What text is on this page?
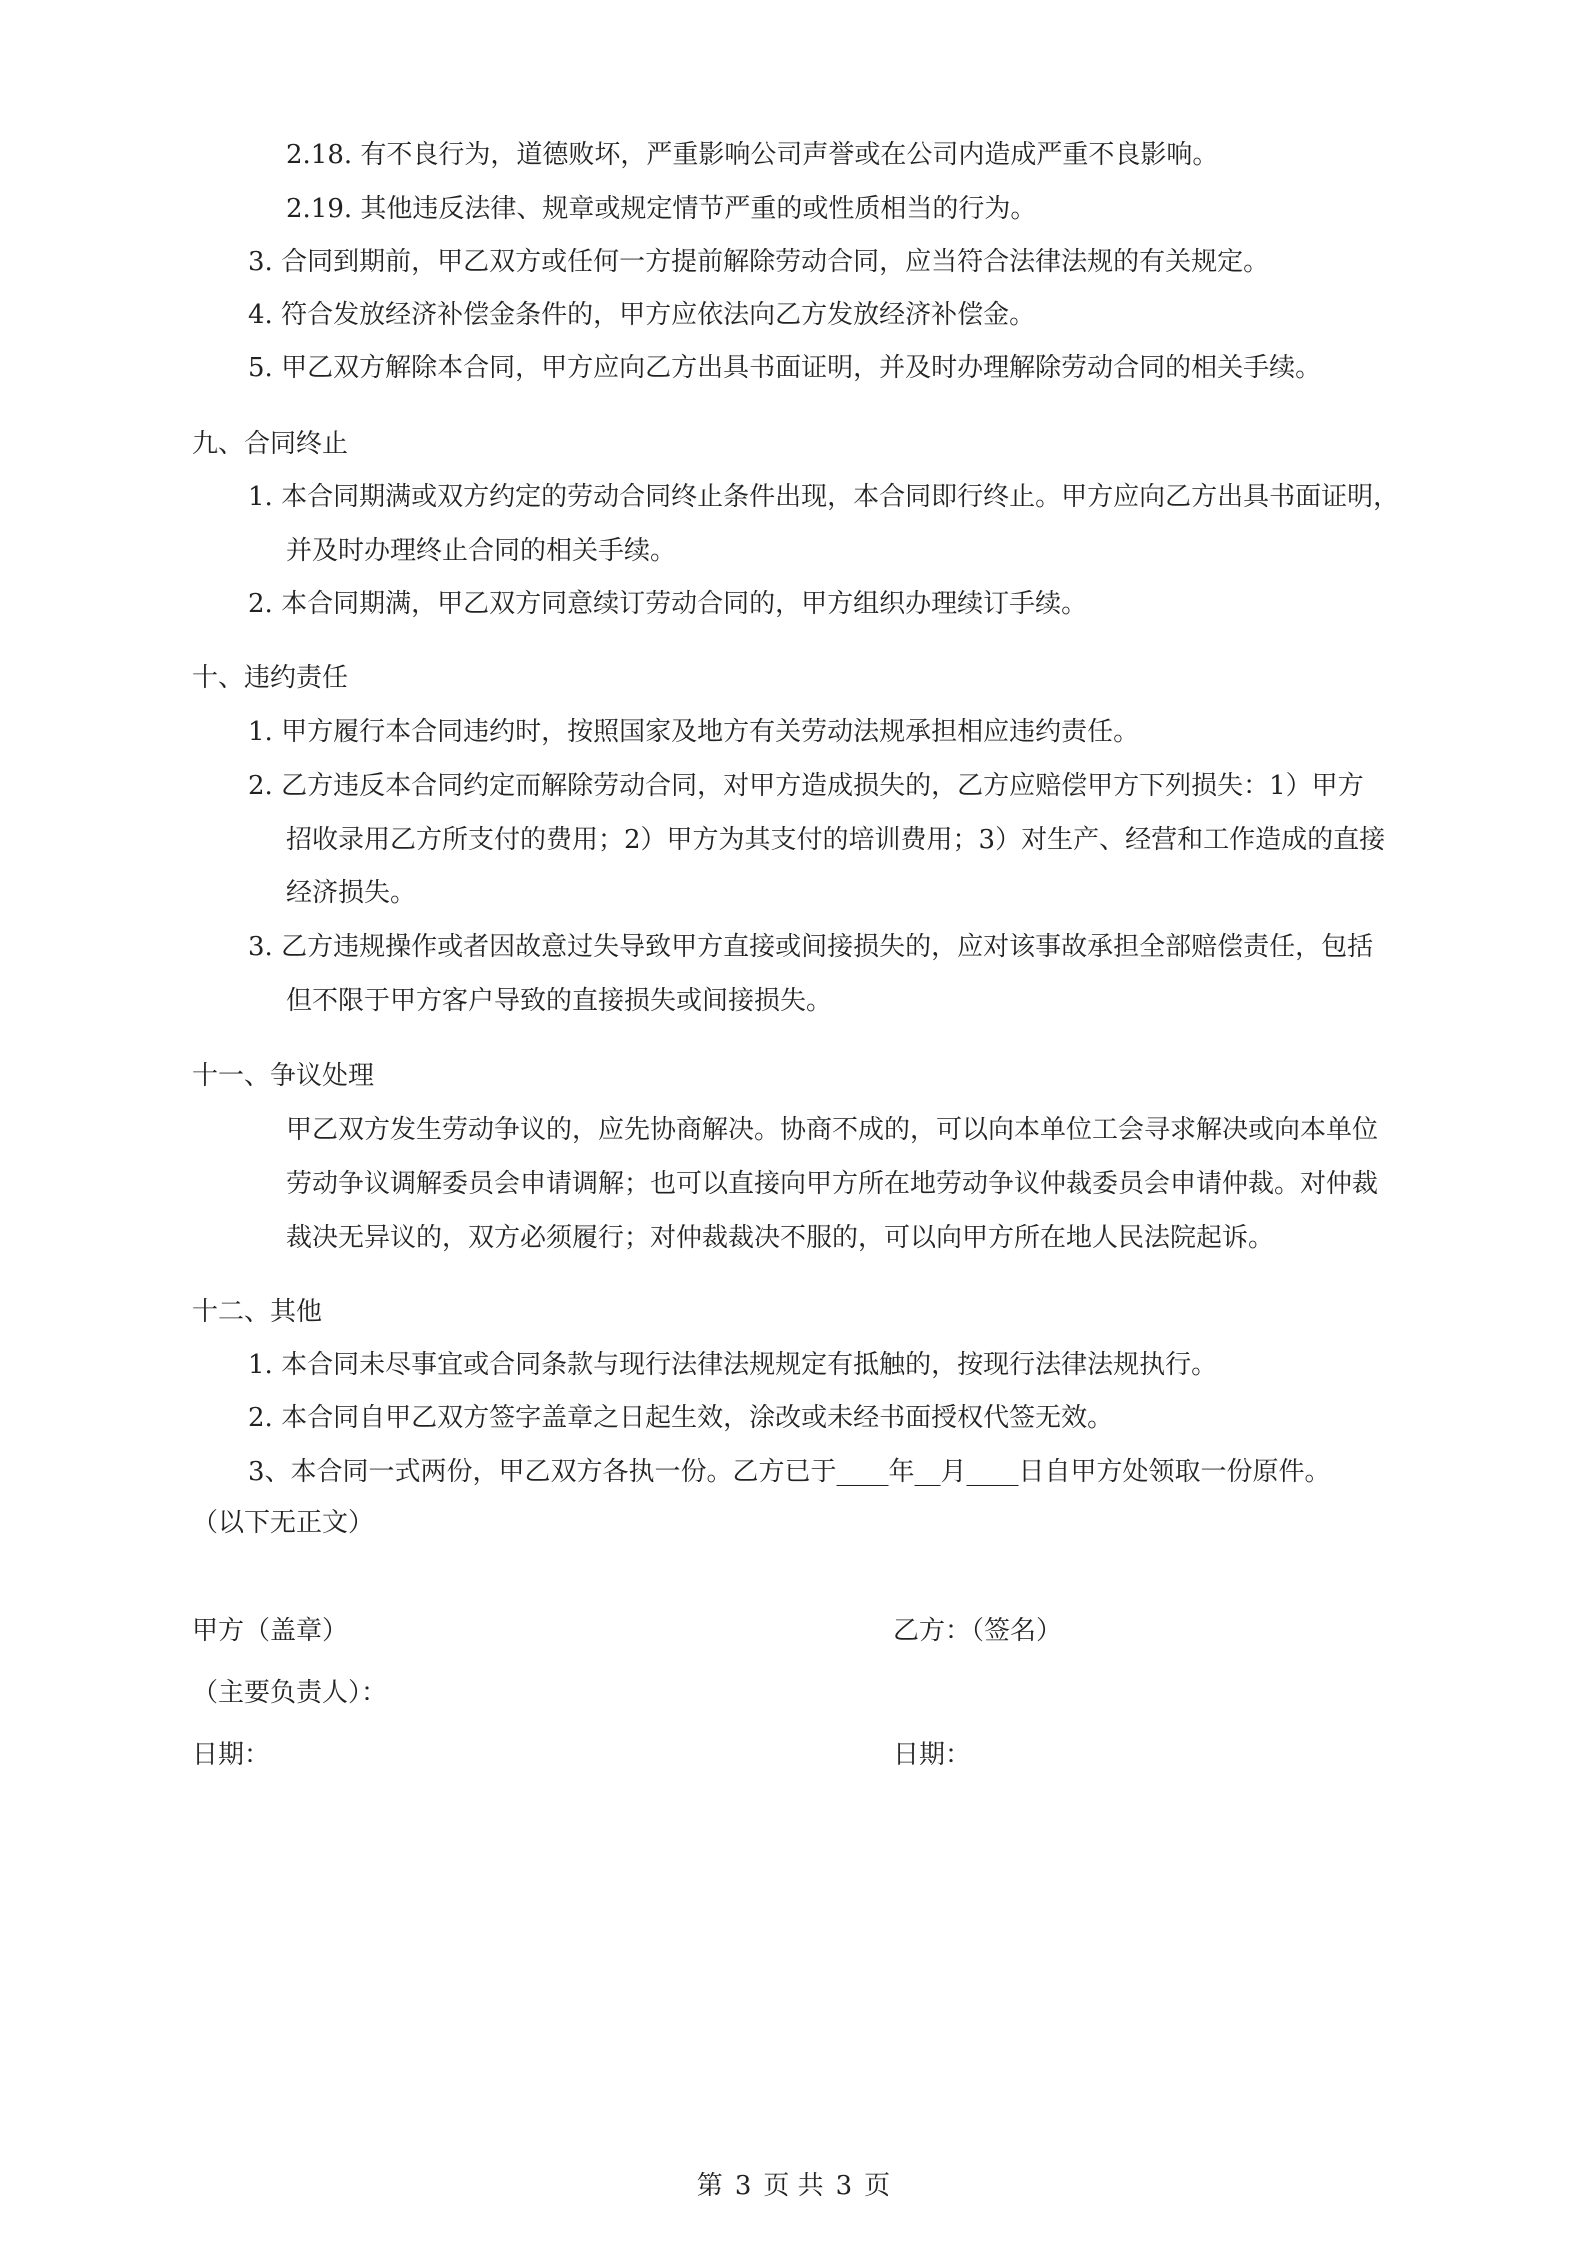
2.18. 有不良行为，道德败坏，严重影响公司声誉或在公司内造成严重不良影响。
2.19. 其他违反法律、规章或规定情节严重的或性质相当的行为。
3. 合同到期前，甲乙双方或任何一方提前解除劳动合同，应当符合法律法规的有关规定。
4. 符合发放经济补偿金条件的，甲方应依法向乙方发放经济补偿金。
5. 甲乙双方解除本合同，甲方应向乙方出具书面证明，并及时办理解除劳动合同的相关手续。
九、合同终止
1. 本合同期满或双方约定的劳动合同终止条件出现，本合同即行终止。甲方应向乙方出具书面证明，
并及时办理终止合同的相关手续。
2. 本合同期满，甲乙双方同意续订劳动合同的，甲方组织办理续订手续。
十、违约责任
1. 甲方履行本合同违约时，按照国家及地方有关劳动法规承担相应违约责任。
2. 乙方违反本合同约定而解除劳动合同，对甲方造成损失的，乙方应赔偿甲方下列损失：1）甲方
招收录用乙方所支付的费用；2）甲方为其支付的培训费用；3）对生产、经营和工作造成的直接
经济损失。
3. 乙方违规操作或者因故意过失导致甲方直接或间接损失的，应对该事故承担全部赔偿责任，包括
但不限于甲方客户导致的直接损失或间接损失。
十一、争议处理
甲乙双方发生劳动争议的，应先协商解决。协商不成的，可以向本单位工会寻求解决或向本单位
劳动争议调解委员会申请调解；也可以直接向甲方所在地劳动争议仲裁委员会申请仲裁。对仲裁
裁决无异议的，双方必须履行；对仲裁裁决不服的，可以向甲方所在地人民法院起诉。
十二、其他
1. 本合同未尽事宜或合同条款与现行法律法规规定有抵触的，按现行法律法规执行。
2. 本合同自甲乙双方签字盖章之日起生效，涂改或未经书面授权代签无效。
3、本合同一式两份，甲乙双方各执一份。乙方已于____年__月____日自甲方处领取一份原件。
（以下无正文）
甲方（盖章）	乙方：（签名）
（主要负责人）：
日期：	日期：
第 3 页 共 3 页
